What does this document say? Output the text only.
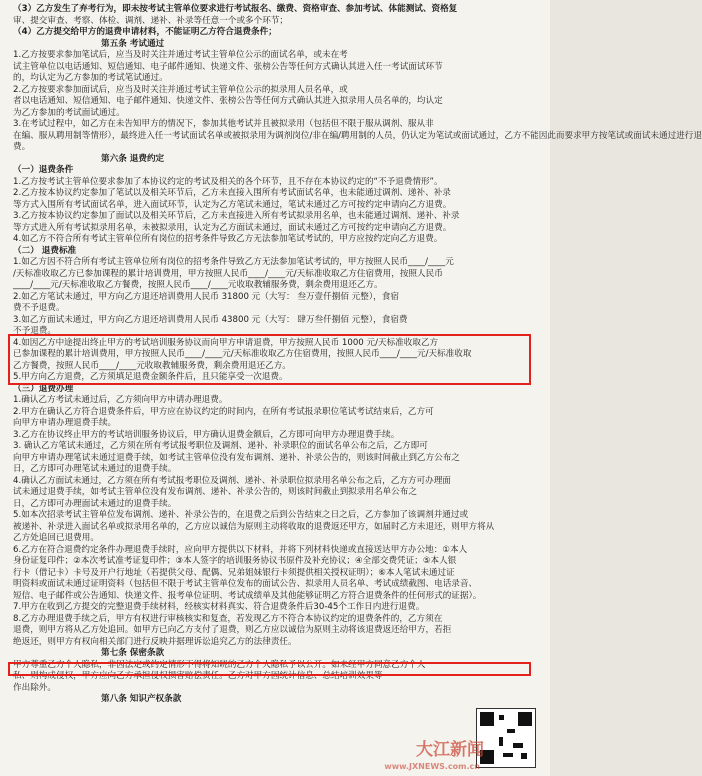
（3）乙方发生了弃考行为，即未按考试主管单位要求进行考试报名、缴费、资格审查、参加考试、体能测试、资格复
审、提交审查、考察、体检、调剂、递补、补录等任意一个或多个环节；
（4）乙方提交给甲方的退费申请材料，不能证明乙方符合退费条件；
第五条 考试通过
1.乙方按要求参加笔试后，应当及时关注并通过考试主管单位公示的面试名单，或未在考
试主管单位以电话通知、短信通知、电子邮件通知、快递文件、张榜公告等任何方式确认其进入任一考试面试环节
的，均认定为乙方参加的考试笔试通过。
2.乙方按要求参加面试后，应当及时关注并通过考试主管单位公示的拟录用人员名单，或
者以电话通知、短信通知、电子邮件通知、快递文件、张榜公告等任何方式确认其进入拟录用人员名单的，均认定
为乙方参加的考试面试通过。
3.在考试过程中，如乙方在未告知甲方的情况下，参加其他考试并且被拟录用（包括但不限于服从调剂、服从非
在编、服从聘用制等情形），最终进入任一考试面试名单或被拟录用为调剂岗位/非在编/聘用制的人员，仍认定为笔试或面试通过，乙方不能因此而要求甲方按笔试或面试未通过进行退
费。
第六条 退费约定
（一）退费条件
1.乙方按考试主管单位要求参加了本协议约定的考试及相关的各个环节，且不存在本协议约定的“不予退费情形”。
2.乙方按本协议约定参加了笔试以及相关环节后，乙方未直接入围所有考试面试名单，也未能通过调剂、递补、补录
等方式入围所有考试面试名单，进入面试环节，认定为乙方笔试未通过，笔试未通过乙方可按约定申请向乙方退费。
3.乙方按本协议约定参加了面试以及相关环节后，乙方未直接进入所有考试拟录用名单，也未能通过调剂、递补、补录
等方式进入所有考试拟录用名单，未被拟录用，认定为乙方面试未通过，面试未通过乙方可按约定申请向乙方退费。
4.如乙方不符合所有考试主管单位所有岗位的招考条件导致乙方无法参加笔试考试的，甲方应按约定向乙方退费。
（二） 退费标准
1.如乙方因不符合所有考试主管单位所有岗位的招考条件导致乙方无法参加笔试考试的，甲方按照人民币____/____元
/天标准收取乙方已参加课程的累计培训费用，甲方按照人民币____/____元/天标准收取乙方住宿费用，按照人民币
____/____元/天标准收取乙方餐费，按照人民币____/____元收取教辅服务费，剩余费用退还乙方。
2.如乙方笔试未通过，甲方向乙方退还培训费用人民币 31800 元（大写： 叁万壹仟捌佰 元整），食宿
费不予退费。
3.如乙方面试未通过，甲方向乙方退还培训费用人民币 43800 元（大写： 肆万叁仟捌佰 元整），食宿费
不予退费。
4.如因乙方中途提出终止甲方的考试培训服务协议而向甲方申请退费，甲方按照人民币 1000 元/天标准收取乙方
已参加课程的累计培训费用，甲方按照人民币____/____元/天标准收取乙方住宿费用，按照人民币____/____元/天标准收取
乙方餐费，按照人民币____/____元收取教辅服务费，剩余费用退还乙方。
5.甲方向乙方退费，乙方须填足退费金额条件后，且只能享受一次退费。
（三）退费办理
1.确认乙方考试未通过后，乙方须向甲方申请办理退费。
2.甲方在确认乙方符合退费条件后，甲方应在协议约定的时间内，在所有考试报录职位笔试考试结束后，乙方可
向甲方申请办理退费手续。
3.乙方在协议终止甲方的考试培训服务协议后，甲方确认退费金额后，乙方即可向甲方办理退费手续。
3. 确认乙方笔试未通过，乙方须在所有考试报考职位及调剂、递补、补录职位的面试名单公布之后，乙方即可
向甲方申请办理笔试未通过退费手续，如考试主管单位没有发布调剂、递补、补录公告的，则该时间截止到乙方公布之
日，乙方即可办理笔试未通过的退费手续。
4.确认乙方面试未通过，乙方须在所有考试报考职位及调剂、递补、补录职位拟录用名单公布之后，乙方方可办理面
试未通过退费手续，如考试主管单位没有发布调剂、递补、补录公告的，则该时间截止到拟录用名单公布之
日，乙方即可办理面试未通过的退费手续。
5.如本次招录考试主管单位发布调剂、递补、补录公告的，在退费之后到公告结束之日之后，乙方参加了该调剂并通过或
被递补、补录进入面试名单或拟录用名单的，乙方应以诚信为原则主动将收取的退费返还甲方，如届时乙方未退还，则甲方将从
乙方处追回已退费用。
6.乙方在符合退费约定条件办理退费手续时，应向甲方提供以下材料，并将下列材料快递或直接送达甲方办公地：①本人
身份证复印件；②本次考试准考证复印件；③本人签字的培训服务协议书原件及补充协议；④全部交费凭证；⑤本人银
行卡（借记卡）卡号及开户行地址（若提供父母、配偶、兄弟姐妹银行卡须提供相关授权证明）；⑥本人笔试未通过证
明资料或面试未通过证明资料（包括但不限于考试主管单位发布的面试公告、拟录用人员名单、考试成绩截图、电话录音、
短信、电子邮件或公告通知、快递文件、报考单位证明、考试成绩单及其他能够证明乙方符合退费条件的任何形式的证据）。
7.甲方在收到乙方提交的完整退费手续材料，经核实材料真实、符合退费条件后30-45个工作日内进行退费。
8.乙方办理退费手续之后，甲方有权进行审核核实和复查，若发现乙方不符合本协议约定的退费条件的，乙方须在
退费，则甲方将从乙方处追回。如甲方已向乙方支付了退费，则乙方应以诚信为原则主动将该退费返还给甲方，若拒
绝返还，则甲方有权向相关部门进行反映并据理诉讼追究乙方的法律责任。
第七条 保密条款
甲方尊重乙方个人隐私，非因法定或约定情形不得将知晓的乙方个人隐私予以公开。如未经甲方同意乙方个人
私、则构成侵权，甲方应向乙方承担侵权损害赔偿责任。乙方对甲方因统计信息、总结培训效果等
作出除外。
第八条 知识产权条款
大江新闻
www.JXNEWS.com.cn
